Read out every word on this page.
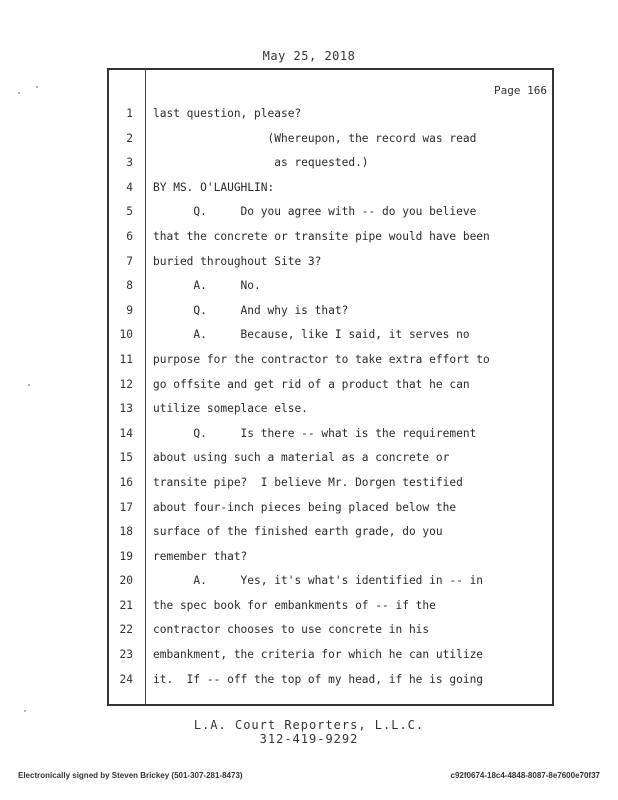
May 25, 2018
Page 166
1 last question, please?
2 (Whereupon, the record was read
3 as requested.)
4 BY MS. O'LAUGHLIN:
5 Q.     Do you agree with -- do you believe
6 that the concrete or transite pipe would have been
7 buried throughout Site 3?
8 A.     No.
9 Q.     And why is that?
10 A.     Because, like I said, it serves no
11 purpose for the contractor to take extra effort to
12 go offsite and get rid of a product that he can
13 utilize someplace else.
14 Q.     Is there -- what is the requirement
15 about using such a material as a concrete or
16 transite pipe?  I believe Mr. Dorgen testified
17 about four-inch pieces being placed below the
18 surface of the finished earth grade, do you
19 remember that?
20 A.     Yes, it's what's identified in -- in
21 the spec book for embankments of -- if the
22 contractor chooses to use concrete in his
23 embankment, the criteria for which he can utilize
24 it.  If -- off the top of my head, if he is going
L.A. Court Reporters, L.L.C.
312-419-9292
Electronically signed by Steven Brickey (501-307-281-8473)	c92f0674-18c4-4848-8087-8e7600e70f37
